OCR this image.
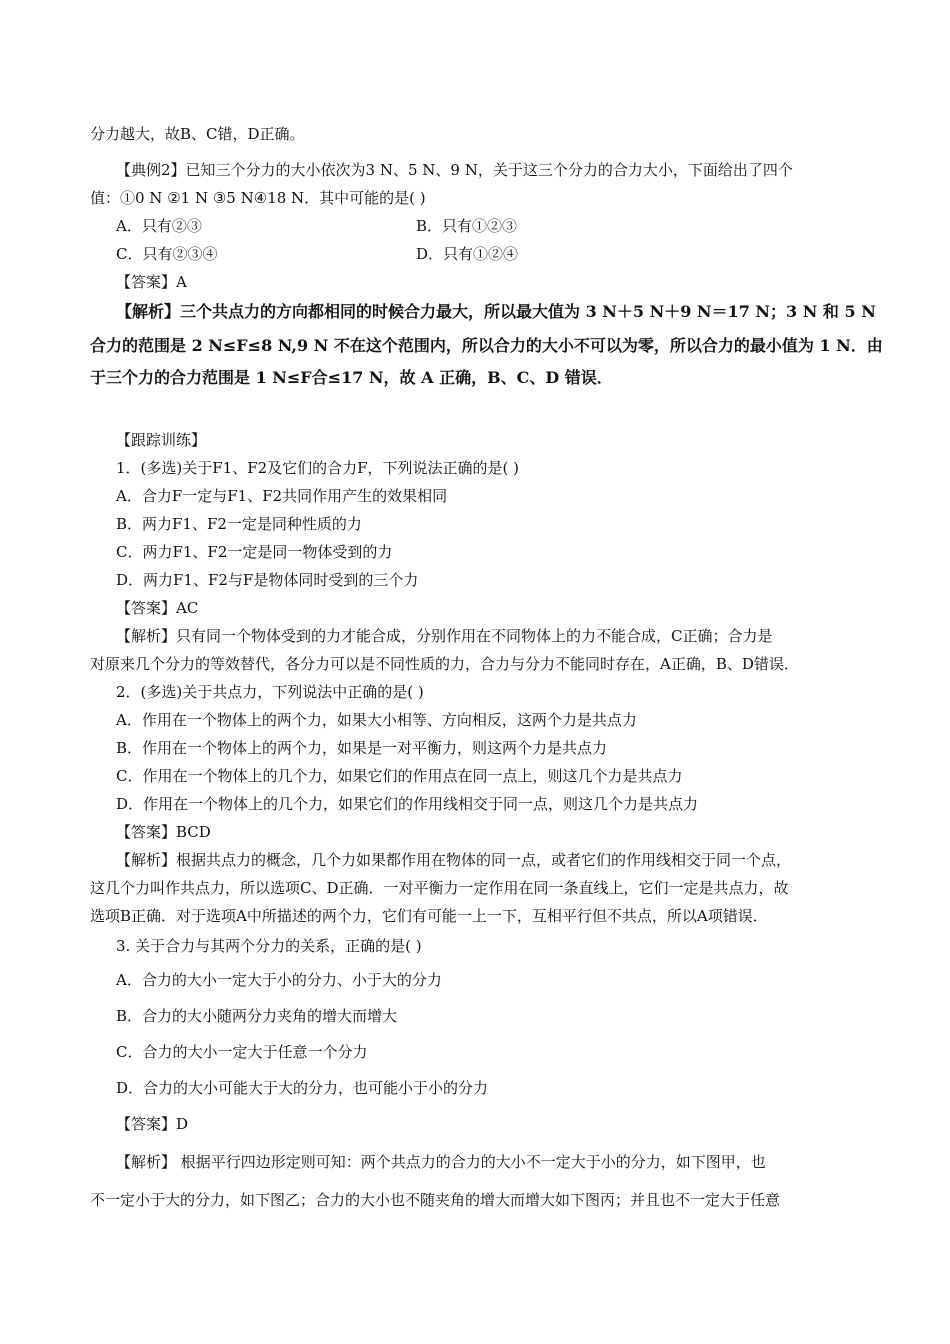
分力越大，故B、C错，D正确。
【典例2】已知三个分力的大小依次为3 N、5 N、9 N，关于这三个分力的合力大小，下面给出了四个
值：①0 N ②1 N ③5 N④18 N．其中可能的是( )
A．只有②③	B．只有①②③
C．只有②③④	D．只有①②④
【答案】A
【解析】三个共点力的方向都相同的时候合力最大，所以最大值为 3 N＋5 N＋9 N＝17 N；3 N 和 5 N
合力的范围是 2 N≤F≤8 N,9 N 不在这个范围内，所以合力的大小不可以为零，所以合力的最小值为 1 N．由
于三个力的合力范围是 1 N≤F合≤17 N，故 A 正确，B、C、D 错误．
【跟踪训练】
1．(多选)关于F1、F2及它们的合力F，下列说法正确的是( )
A．合力F一定与F1、F2共同作用产生的效果相同
B．两力F1、F2一定是同种性质的力
C．两力F1、F2一定是同一物体受到的力
D．两力F1、F2与F是物体同时受到的三个力
【答案】AC
【解析】只有同一个物体受到的力才能合成，分别作用在不同物体上的力不能合成，C正确；合力是
对原来几个分力的等效替代，各分力可以是不同性质的力，合力与分力不能同时存在，A正确，B、D错误．
2．(多选)关于共点力，下列说法中正确的是( )
A．作用在一个物体上的两个力，如果大小相等、方向相反，这两个力是共点力
B．作用在一个物体上的两个力，如果是一对平衡力，则这两个力是共点力
C．作用在一个物体上的几个力，如果它们的作用点在同一点上，则这几个力是共点力
D．作用在一个物体上的几个力，如果它们的作用线相交于同一点，则这几个力是共点力
【答案】BCD
【解析】根据共点力的概念，几个力如果都作用在物体的同一点，或者它们的作用线相交于同一个点，
这几个力叫作共点力，所以选项C、D正确．一对平衡力一定作用在同一条直线上，它们一定是共点力，故
选项B正确．对于选项A中所描述的两个力，它们有可能一上一下，互相平行但不共点，所以A项错误．
3. 关于合力与其两个分力的关系，正确的是( )
A．合力的大小一定大于小的分力、小于大的分力
B．合力的大小随两分力夹角的增大而增大
C．合力的大小一定大于任意一个分力
D．合力的大小可能大于大的分力，也可能小于小的分力
【答案】D
【解析】 根据平行四边形定则可知：两个共点力的合力的大小不一定大于小的分力，如下图甲，也
不一定小于大的分力，如下图乙；合力的大小也不随夹角的增大而增大如下图丙；并且也不一定大于任意
